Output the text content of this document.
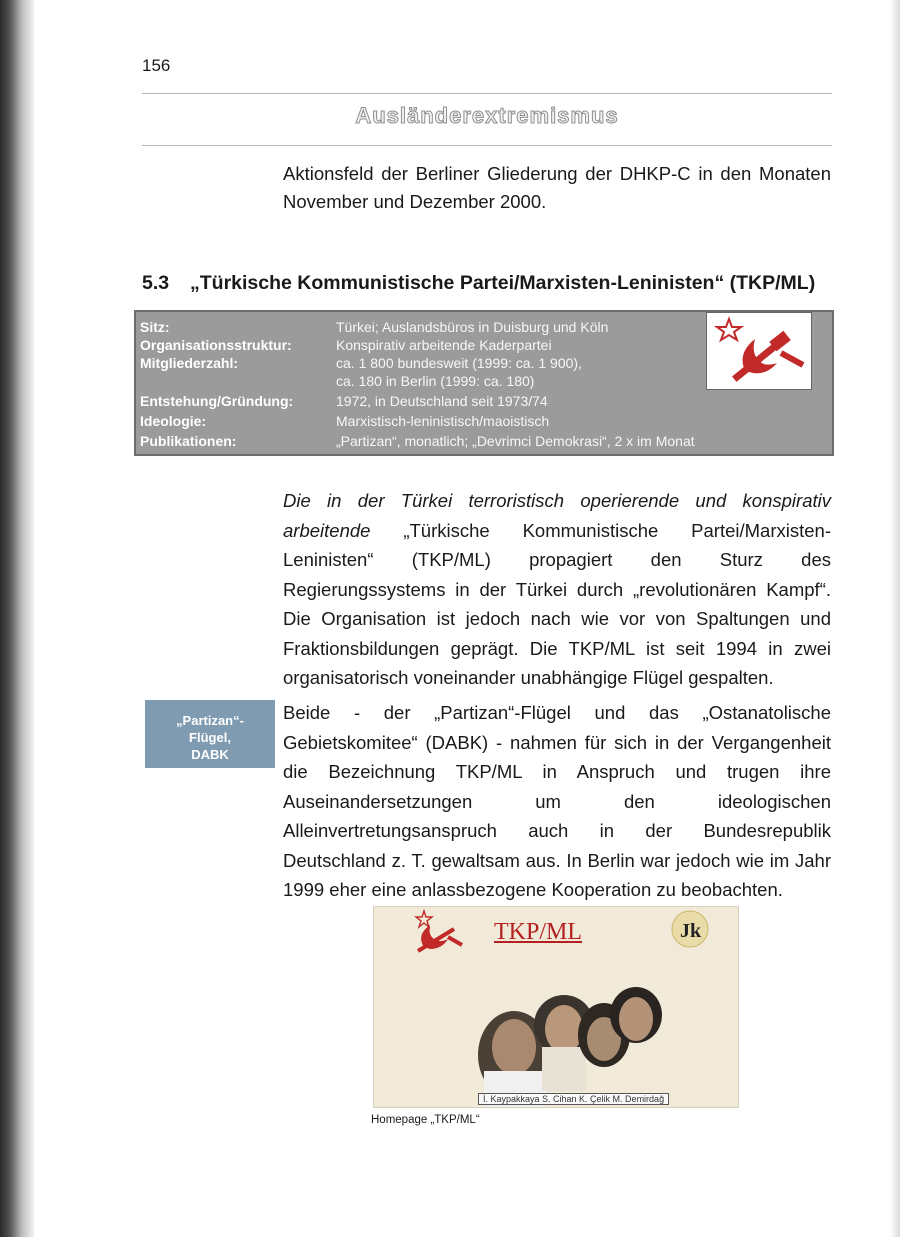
156
Ausländerextremismus
Aktionsfeld der Berliner Gliederung der DHKP-C in den Monaten November und Dezember 2000.
5.3 „Türkische Kommunistische Partei/Marxisten-Leninisten“ (TKP/ML)
Sitz:	Türkei; Auslandsbüros in Duisburg und Köln
Organisationsstruktur:	Konspirativ arbeitende Kaderpartei
Mitgliederzahl:	ca. 1 800 bundesweit (1999: ca. 1 900),
ca. 180 in Berlin (1999: ca. 180)
Entstehung/Gründung:	1972, in Deutschland seit 1973/74
Ideologie:	Marxistisch-leninistisch/maoistisch
Publikationen:	„Partizan“, monatlich; „Devrimci Demokrasi“, 2 x im Monat
Die in der Türkei terroristisch operierende und konspirativ arbeitende „Türkische Kommunistische Partei/Marxisten-Leninisten“ (TKP/ML) propagiert den Sturz des Regierungssystems in der Türkei durch „revolutionären Kampf“. Die Organisation ist jedoch nach wie vor von Spaltungen und Fraktionsbildungen geprägt. Die TKP/ML ist seit 1994 in zwei organisatorisch voneinander unabhängige Flügel gespalten.
„Partizan“-
Flügel,
DABK
Beide - der „Partizan“-Flügel und das „Ostanatolische Gebietskomitee“ (DABK) - nahmen für sich in der Vergangenheit die Bezeichnung TKP/ML in Anspruch und trugen ihre Auseinandersetzungen um den ideologischen Alleinvertretungsanspruch auch in der Bundesrepublik Deutschland z. T. gewaltsam aus. In Berlin war jedoch wie im Jahr 1999 eher eine anlassbezogene Kooperation zu beobachten.
Jk
TKP/ML
İ. Kaypakkaya S. Cihan K. Çelik M. Demirdağ
Homepage „TKP/ML“
